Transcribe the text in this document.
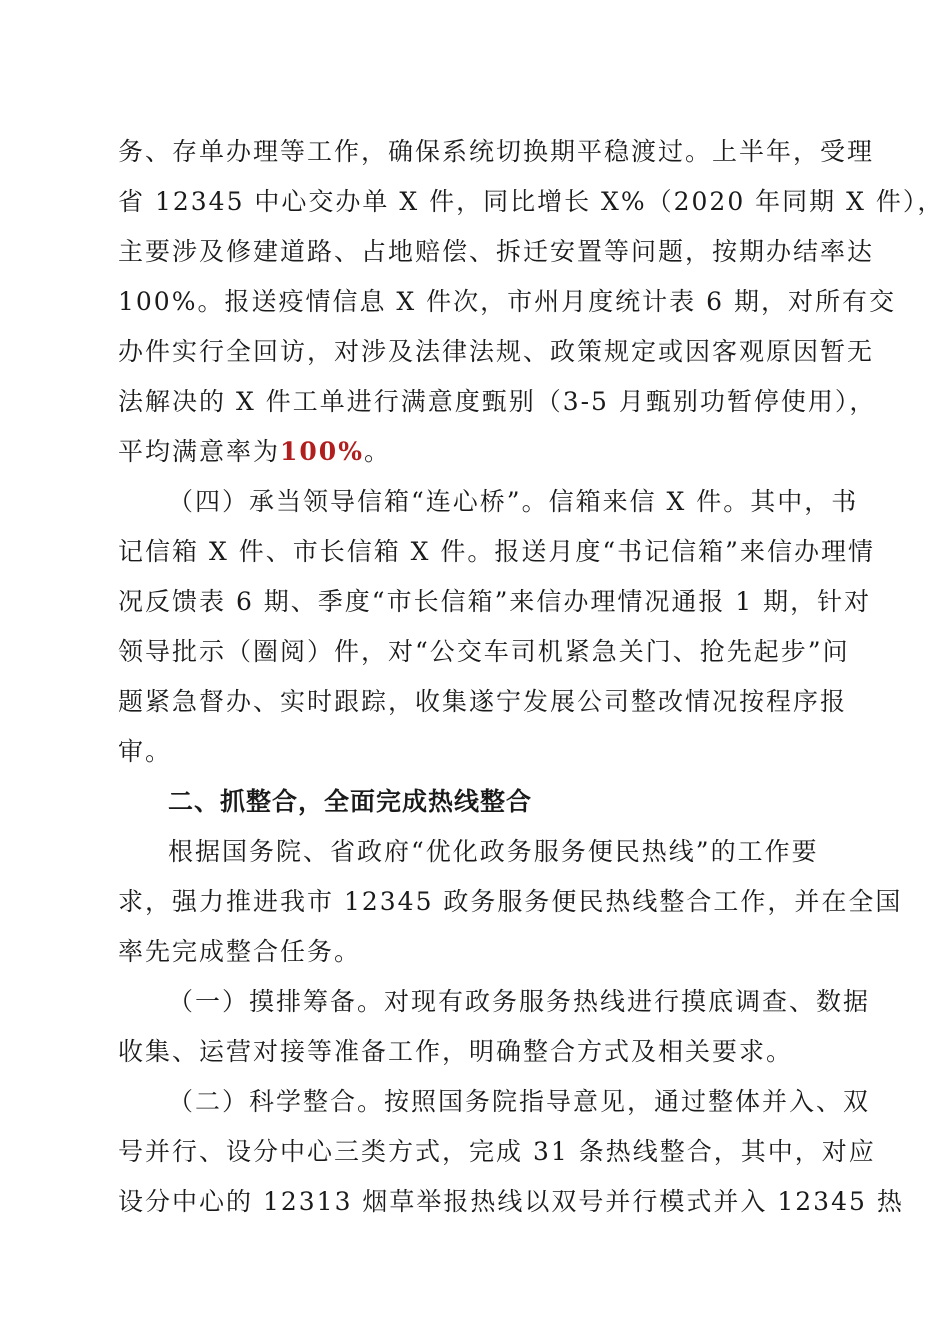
务、存单办理等工作，确保系统切换期平稳渡过。上半年，受理
省 12345 中心交办单 X 件，同比增长 X%（2020 年同期 X 件），
主要涉及修建道路、占地赔偿、拆迁安置等问题，按期办结率达
100%。报送疫情信息 X 件次，市州月度统计表 6 期，对所有交
办件实行全回访，对涉及法律法规、政策规定或因客观原因暂无
法解决的 X 件工单进行满意度甄别（3-5 月甄别功暂停使用），
平均满意率为100%。
（四）承当领导信箱“连心桥”。信箱来信 X 件。其中，书
记信箱 X 件、市长信箱 X 件。报送月度“书记信箱”来信办理情
况反馈表 6 期、季度“市长信箱”来信办理情况通报 1 期，针对
领导批示（圈阅）件，对“公交车司机紧急关门、抢先起步”问
题紧急督办、实时跟踪，收集遂宁发展公司整改情况按程序报
审。
二、抓整合，全面完成热线整合
根据国务院、省政府“优化政务服务便民热线”的工作要
求，强力推进我市 12345 政务服务便民热线整合工作，并在全国
率先完成整合任务。
（一）摸排筹备。对现有政务服务热线进行摸底调查、数据
收集、运营对接等准备工作，明确整合方式及相关要求。
（二）科学整合。按照国务院指导意见，通过整体并入、双
号并行、设分中心三类方式，完成 31 条热线整合，其中，对应
设分中心的 12313 烟草举报热线以双号并行模式并入 12345 热
